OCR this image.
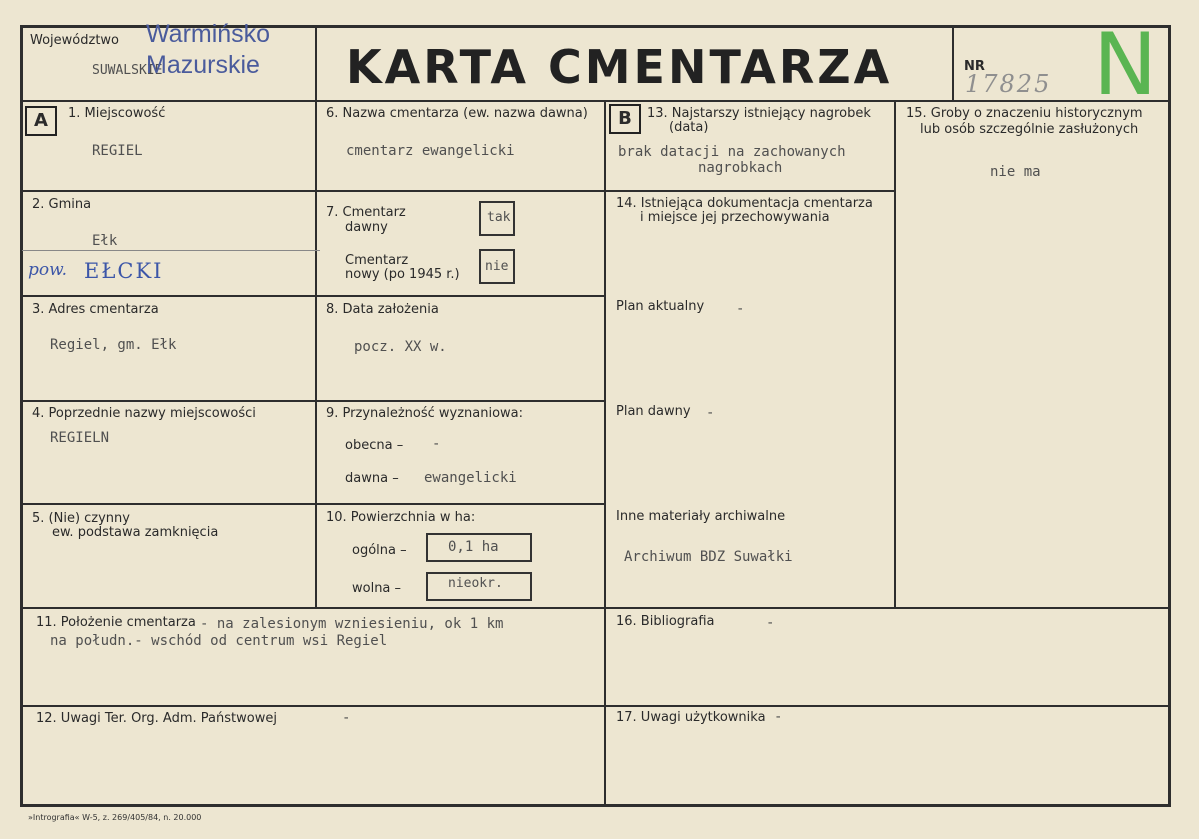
Województwo
SUWALSKIE
Warmińsko
Mazurskie KARTA CMENTARZA	NR
17825 N
A	B
1. Miejscowość
REGIEL
2. Gmina
Ełk
pow. EŁCKI
3. Adres cmentarza
Regiel, gm. Ełk
4. Poprzednie nazwy miejscowości
REGIELN
5. (Nie) czynny
ew. podstawa zamknięcia
6. Nazwa cmentarza (ew. nazwa dawna)
cmentarz ewangelicki
7. Cmentarz
dawny
tak
Cmentarz
nowy (po 1945 r.)
nie
8. Data założenia
pocz. XX w.
9. Przynależność wyznaniowa:
obecna – -
dawna – ewangelicki
10. Powierzchnia w ha:
ogólna –	0,1 ha
wolna –	nieokr.
13. Najstarszy istniejący nagrobek
(data)
brak datacji na zachowanych
nagrobkach
14. Istniejąca dokumentacja cmentarza
i miejsce jej przechowywania
Plan aktualny -
Plan dawny -
Inne materiały archiwalne
Archiwum BDZ Suwałki
15. Groby o znaczeniu historycznym
lub osób szczególnie zasłużonych
nie ma
11. Położenie cmentarza - na zalesionym wzniesieniu, ok 1 km
na połudn.- wschód od centrum wsi Regiel
16. Bibliografia	-
12. Uwagi Ter. Org. Adm. Państwowej	-	17. Uwagi użytkownika -
»Intrografia« W-5, z. 269/405/84, n. 20.000
